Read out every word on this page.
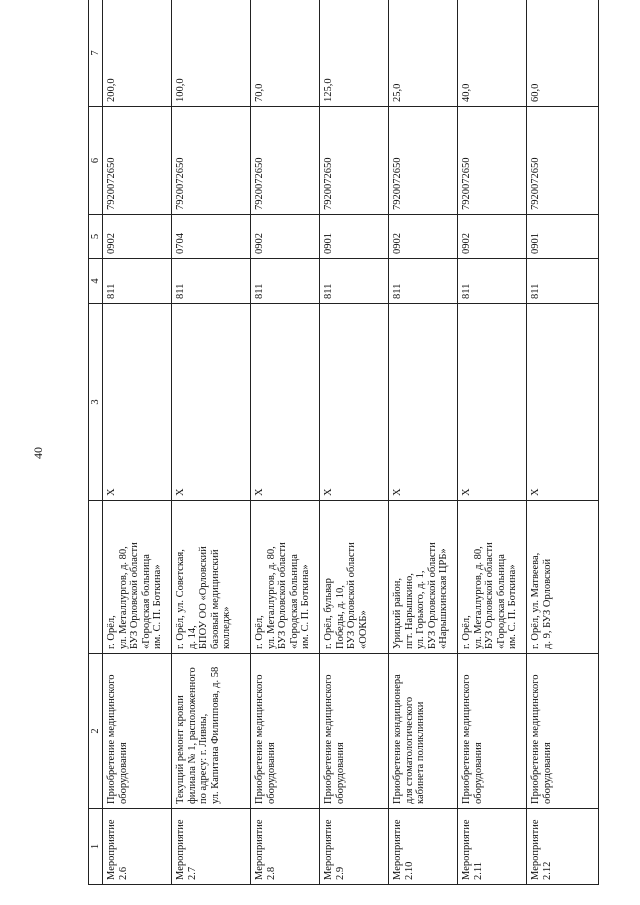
40
1	2		3	4	5	6	7
Мероприятие
2.6	Приобретение медицинского
оборудования	г. Орёл,
ул. Металлургов, д. 80,
БУЗ Орловской области
«Городская больница
им. С. П. Боткина»	Х	811	0902	7920072650	200,0
Мероприятие
2.7	Текущий ремонт кровли
филиала № 1, расположенного
по адресу: г. Ливны,
ул. Капитана Филиппова, д. 58	г. Орёл, ул. Советская,
д. 14,
БПОУ ОО «Орловский
базовый медицинский
колледж»	Х	811	0704	7920072650	100,0
Мероприятие
2.8	Приобретение медицинского
оборудования	г. Орёл,
ул. Металлургов, д. 80,
БУЗ Орловской области
«Городская больница
им. С. П. Боткина»	Х	811	0902	7920072650	70,0
Мероприятие
2.9	Приобретение медицинского
оборудования	г. Орёл, бульвар
Победы, д. 10,
БУЗ Орловской области
«ООКБ»	Х	811	0901	7920072650	125,0
Мероприятие
2.10	Приобретение кондиционера
для стоматологического
кабинета поликлиники	Урицкий район,
пгт. Нарышкино,
ул. Горького, д. 1,
БУЗ Орловской области
«Нарышкинская ЦРБ»	Х	811	0902	7920072650	25,0
Мероприятие
2.11	Приобретение медицинского
оборудования	г. Орёл,
ул. Металлургов, д. 80,
БУЗ Орловской области
«Городская больница
им. С. П. Боткина»	Х	811	0902	7920072650	40,0
Мероприятие
2.12	Приобретение медицинского
оборудования	г. Орёл, ул. Матвеева,
д. 9, БУЗ Орловской	Х	811	0901	7920072650	60,0
